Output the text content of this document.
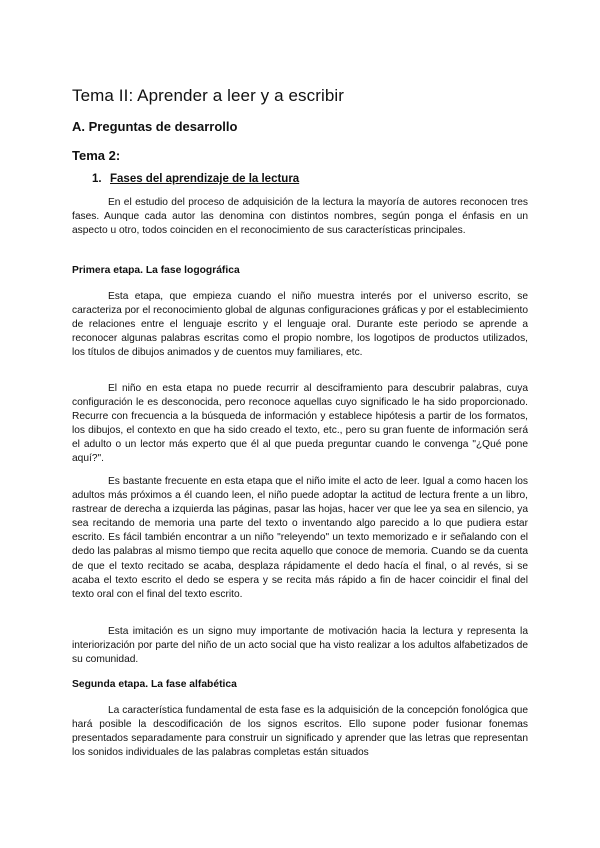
Tema II: Aprender a leer y a escribir
A. Preguntas de desarrollo
Tema 2:
1. Fases del aprendizaje de la lectura

En el estudio del proceso de adquisición de la lectura la mayoría de autores reconocen tres fases. Aunque cada autor las denomina con distintos nombres, según ponga el énfasis en un aspecto u otro, todos coinciden en el reconocimiento de sus características principales.

Primera etapa. La fase logográfica

Esta etapa, que empieza cuando el niño muestra interés por el universo escrito, se caracteriza por el reconocimiento global de algunas configuraciones gráficas y por el establecimiento de relaciones entre el lenguaje escrito y el lenguaje oral. Durante este periodo se aprende a reconocer algunas palabras escritas como el propio nombre, los logotipos de productos utilizados, los títulos de dibujos animados y de cuentos muy familiares, etc.

El niño en esta etapa no puede recurrir al desciframiento para descubrir palabras, cuya configuración le es desconocida, pero reconoce aquellas cuyo significado le ha sido proporcionado. Recurre con frecuencia a la búsqueda de información y establece hipótesis a partir de los formatos, los dibujos, el contexto en que ha sido creado el texto, etc., pero su gran fuente de información será el adulto o un lector más experto que él al que pueda preguntar cuando le convenga "¿Qué pone aquí?".

Es bastante frecuente en esta etapa que el niño imite el acto de leer. Igual a como hacen los adultos más próximos a él cuando leen, el niño puede adoptar la actitud de lectura frente a un libro, rastrear de derecha a izquierda las páginas, pasar las hojas, hacer ver que lee ya sea en silencio, ya sea recitando de memoria una parte del texto o inventando algo parecido a lo que pudiera estar escrito. Es fácil también encontrar a un niño "releyendo" un texto memorizado e ir señalando con el dedo las palabras al mismo tiempo que recita aquello que conoce de memoria. Cuando se da cuenta de que el texto recitado se acaba, desplaza rápidamente el dedo hacía el final, o al revés, si se acaba el texto escrito el dedo se espera y se recita más rápido a fin de hacer coincidir el final del texto oral con el final del texto escrito.

Esta imitación es un signo muy importante de motivación hacia la lectura y representa la interiorización por parte del niño de un acto social que ha visto realizar a los adultos alfabetizados de su comunidad.

Segunda etapa. La fase alfabética

La característica fundamental de esta fase es la adquisición de la concepción fonológica que hará posible la descodificación de los signos escritos. Ello supone poder fusionar fonemas presentados separadamente para construir un significado y aprender que las letras que representan los sonidos individuales de las palabras completas están situados
